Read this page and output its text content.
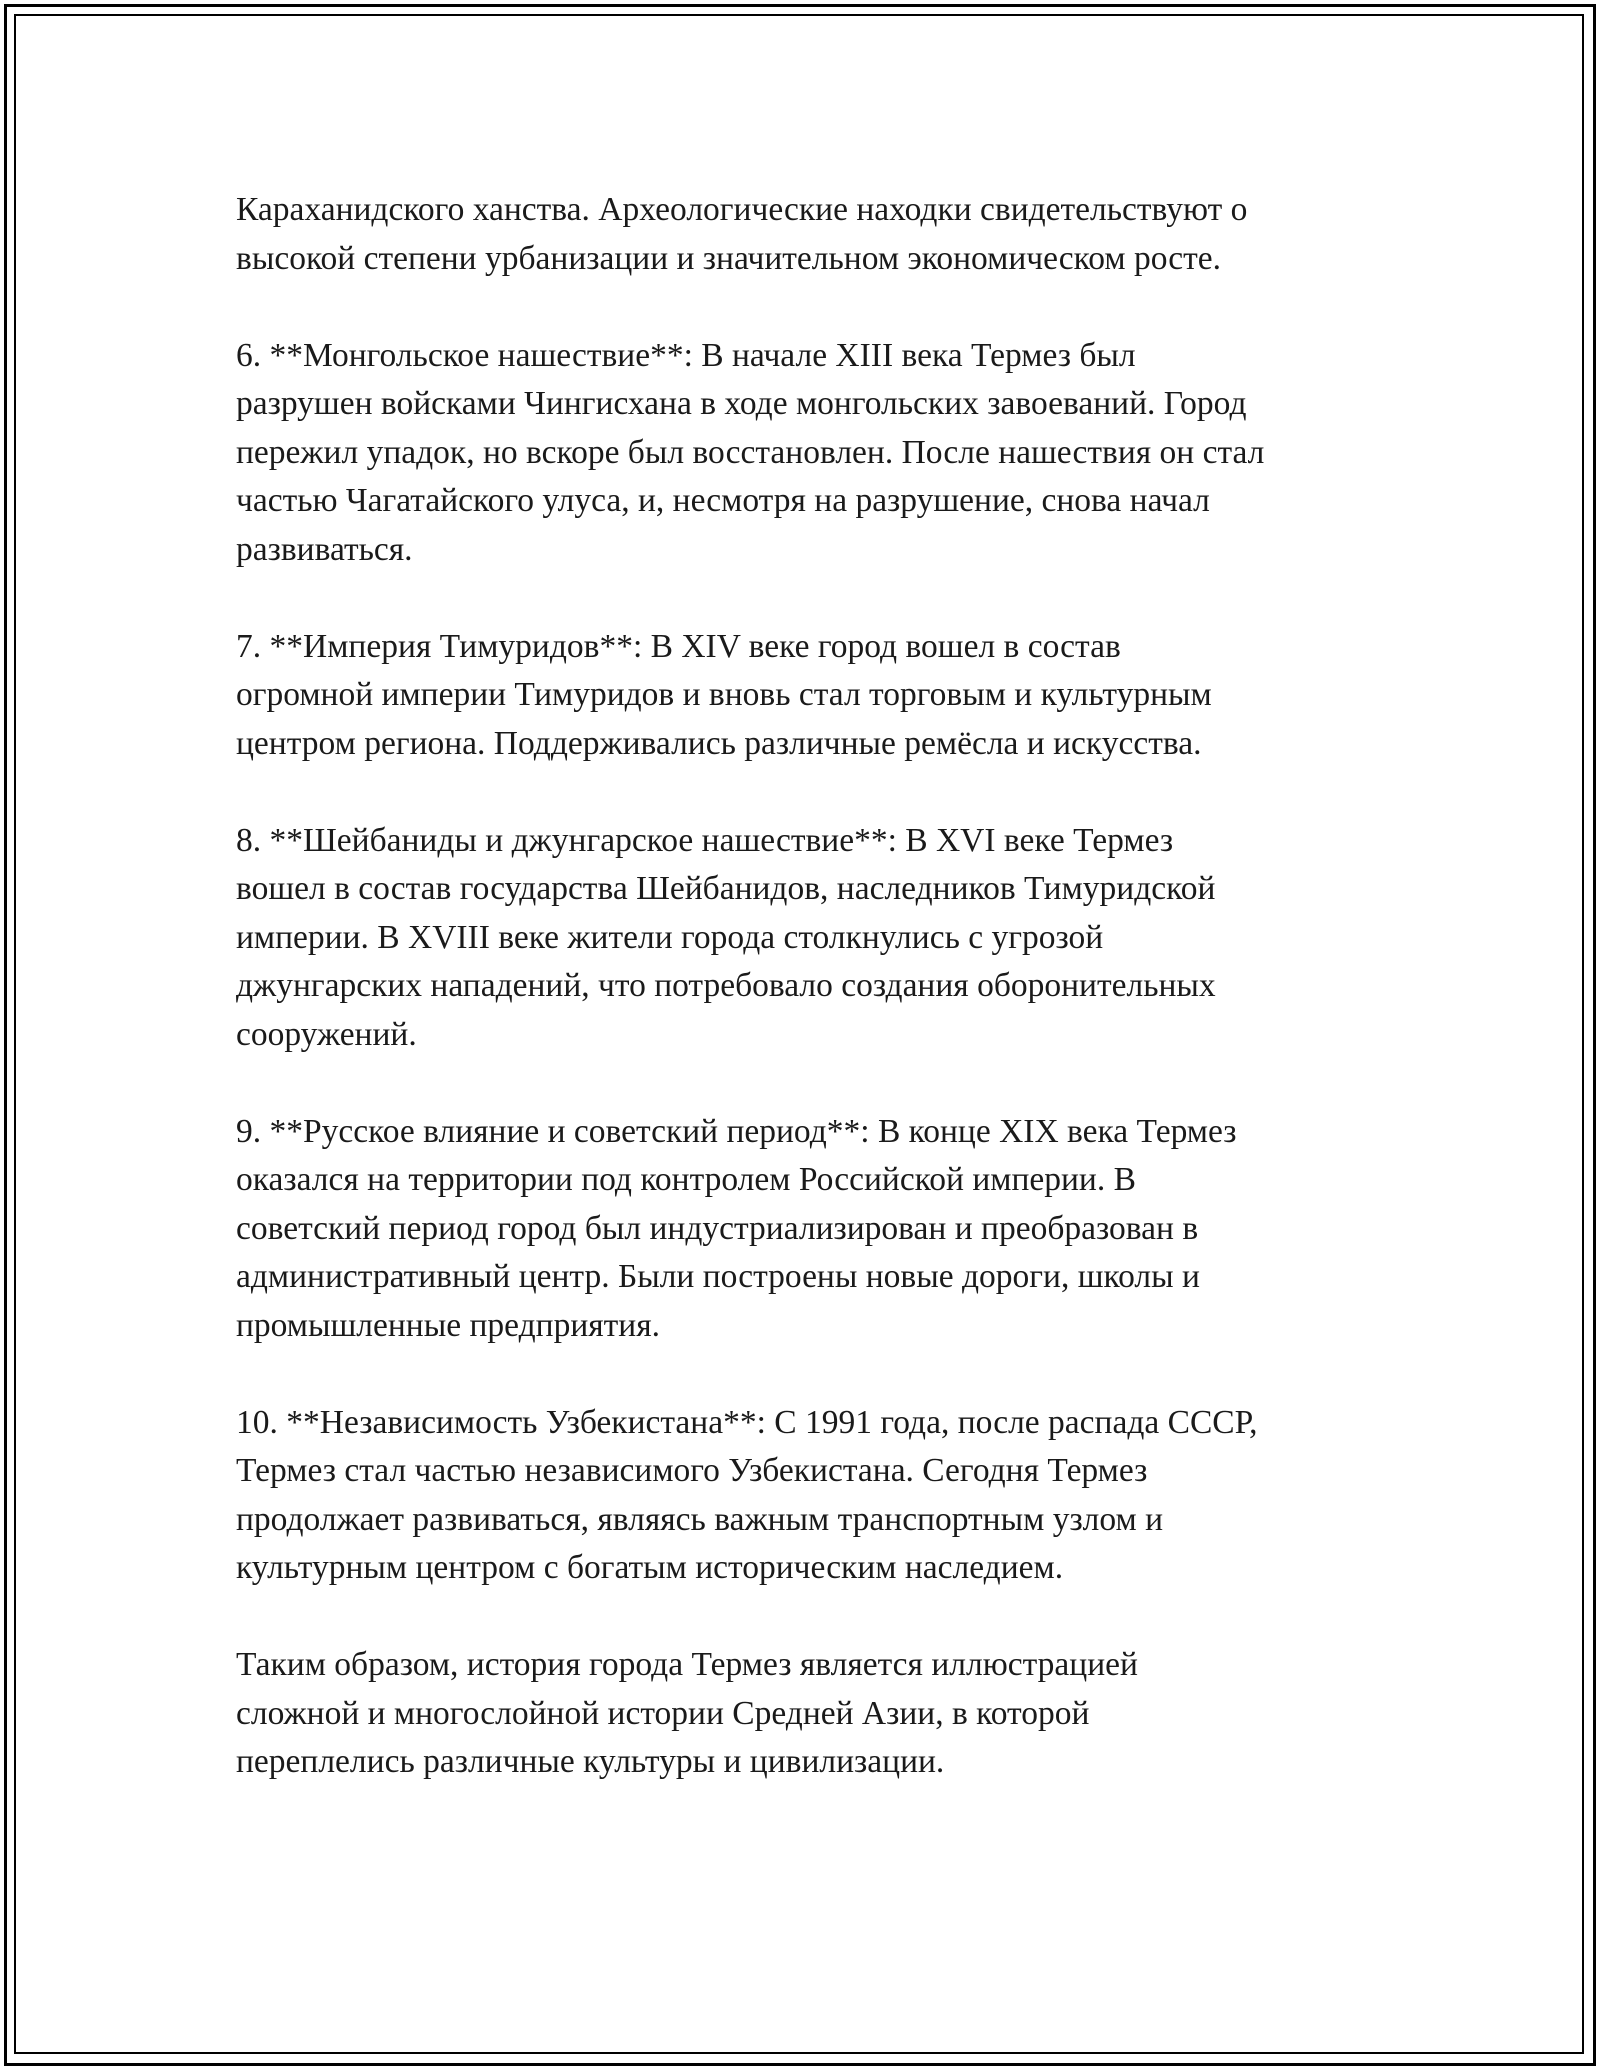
Караханидского ханства. Археологические находки свидетельствуют о
высокой степени урбанизации и значительном экономическом росте.

6. **Монгольское нашествие**: В начале XIII века Термез был
разрушен войсками Чингисхана в ходе монгольских завоеваний. Город
пережил упадок, но вскоре был восстановлен. После нашествия он стал
частью Чагатайского улуса, и, несмотря на разрушение, снова начал
развиваться.

7. **Империя Тимуридов**: В XIV веке город вошел в состав
огромной империи Тимуридов и вновь стал торговым и культурным
центром региона. Поддерживались различные ремёсла и искусства.

8. **Шейбаниды и джунгарское нашествие**: В XVI веке Термез
вошел в состав государства Шейбанидов, наследников Тимуридской
империи. В XVIII веке жители города столкнулись с угрозой
джунгарских нападений, что потребовало создания оборонительных
сооружений.

9. **Русское влияние и советский период**: В конце XIX века Термез
оказался на территории под контролем Российской империи. В
советский период город был индустриализирован и преобразован в
административный центр. Были построены новые дороги, школы и
промышленные предприятия.

10. **Независимость Узбекистана**: С 1991 года, после распада СССР,
Термез стал частью независимого Узбекистана. Сегодня Термез
продолжает развиваться, являясь важным транспортным узлом и
культурным центром с богатым историческим наследием.

Таким образом, история города Термез является иллюстрацией
сложной и многослойной истории Средней Азии, в которой
переплелись различные культуры и цивилизации.
